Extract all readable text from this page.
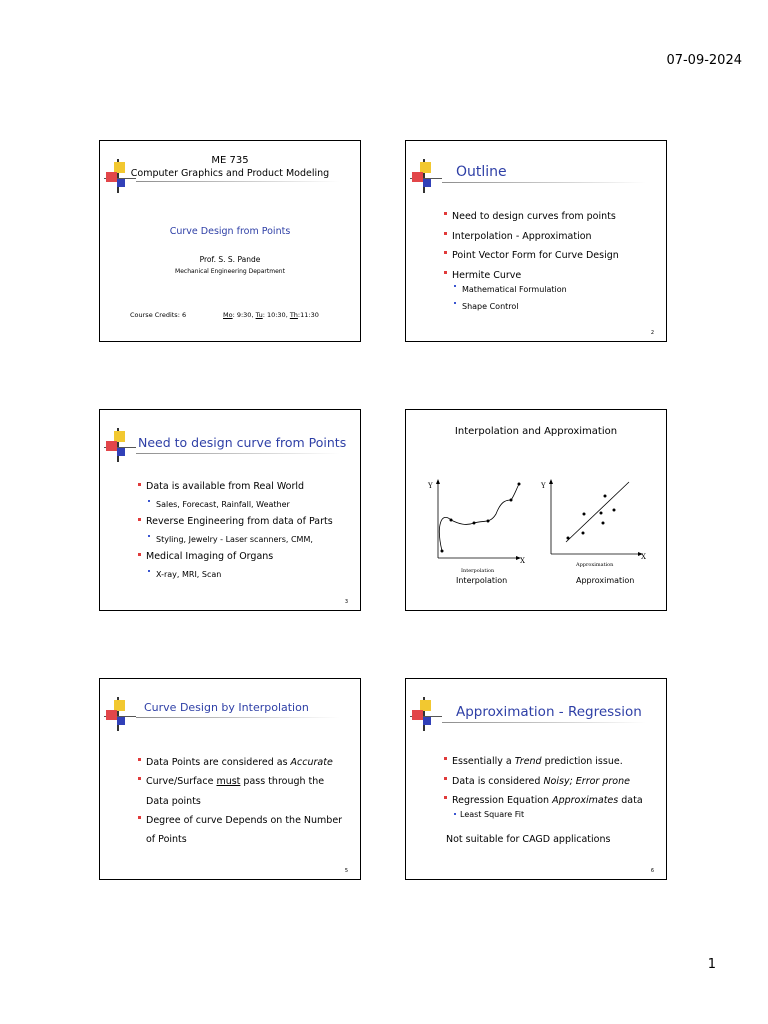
07-09-2024
ME 735
Computer Graphics and Product Modeling
Curve Design from Points
Prof. S. S. Pande
Mechanical Engineering Department
Course Credits: 6	Mo: 9:30, Tu: 10:30, Th:11:30
Outline
Need to design curves from points
Interpolation - Approximation
Point Vector Form for Curve Design
Hermite Curve
Mathematical Formulation
Shape Control
2
Need to design curve from Points
Data is available from Real World
Sales, Forecast, Rainfall, Weather
Reverse Engineering from data of Parts
Styling, Jewelry - Laser scanners, CMM,
Medical Imaging of Organs
X-ray, MRI, Scan
3
Interpolation and Approximation
Y
X
Interpolation
Y
X
Approximation
Interpolation	Approximation
Curve Design by Interpolation
Data Points are considered as Accurate
Curve/Surface must pass through the
Data points
Degree of curve Depends on the Number
of Points
5
Approximation - Regression
Essentially a Trend prediction issue.
Data is considered Noisy; Error prone
Regression Equation Approximates data
Least Square Fit
Not suitable for CAGD applications
6
1
